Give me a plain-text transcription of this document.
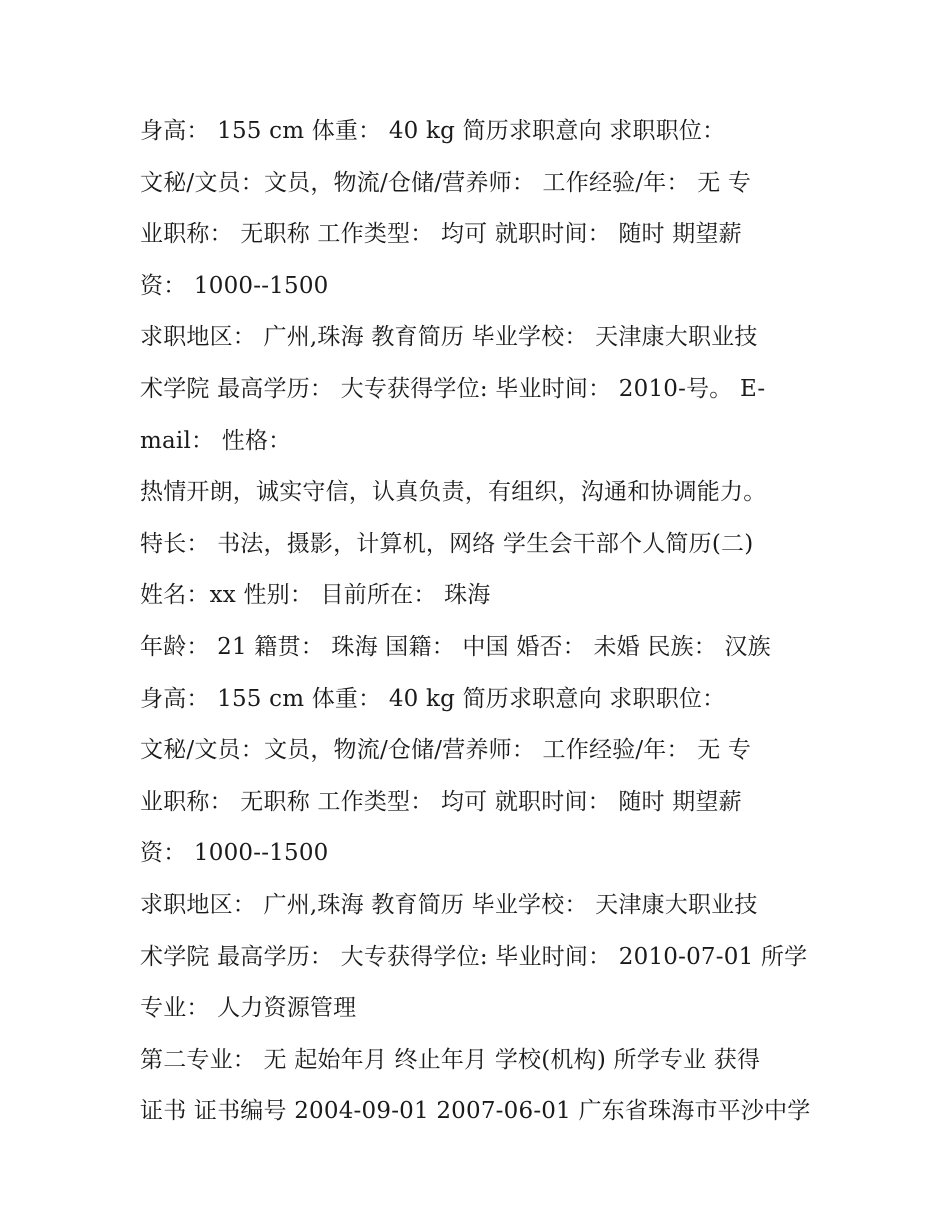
身高： 155 cm 体重： 40 kg 简历求职意向 求职职位：
文秘/文员：文员，物流/仓储/营养师： 工作经验/年： 无 专
业职称： 无职称 工作类型： 均可 就职时间： 随时 期望薪
资： 1000--1500
求职地区： 广州,珠海 教育简历 毕业学校： 天津康大职业技
术学院 最高学历： 大专获得学位: 毕业时间： 2010-号。 E-
mail： 性格：
热情开朗，诚实守信，认真负责，有组织，沟通和协调能力。
特长： 书法，摄影，计算机，网络 学生会干部个人简历(二)
姓名：xx 性别： 目前所在： 珠海
年龄： 21 籍贯： 珠海 国籍： 中国 婚否： 未婚 民族： 汉族
身高： 155 cm 体重： 40 kg 简历求职意向 求职职位：
文秘/文员：文员，物流/仓储/营养师： 工作经验/年： 无 专
业职称： 无职称 工作类型： 均可 就职时间： 随时 期望薪
资： 1000--1500
求职地区： 广州,珠海 教育简历 毕业学校： 天津康大职业技
术学院 最高学历： 大专获得学位: 毕业时间： 2010-07-01 所学
专业： 人力资源管理
第二专业： 无 起始年月 终止年月 学校(机构) 所学专业 获得
证书 证书编号 2004-09-01 2007-06-01 广东省珠海市平沙中学
